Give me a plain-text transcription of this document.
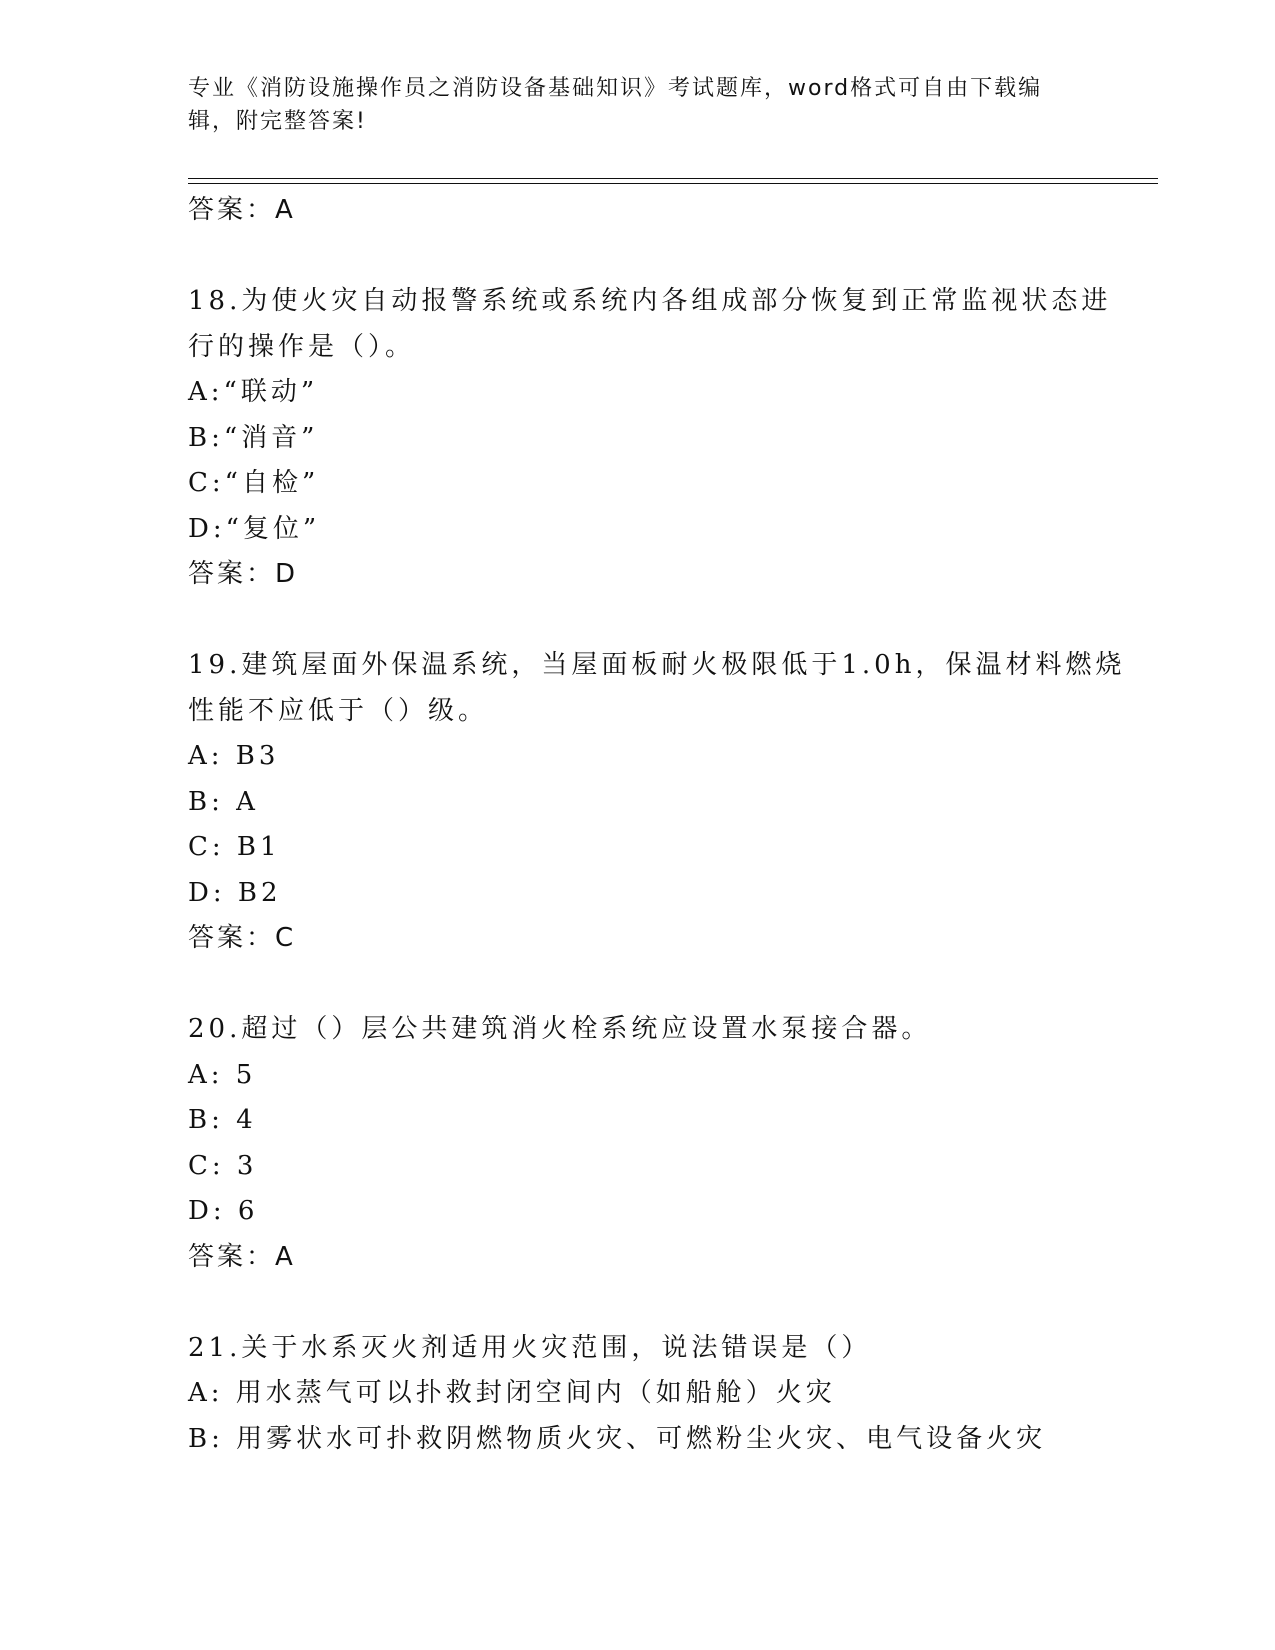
专业《消防设施操作员之消防设备基础知识》考试题库，word格式可自由下载编辑，附完整答案!
答案：A
18.为使火灾自动报警系统或系统内各组成部分恢复到正常监视状态进
行的操作是（）。
A:“联动”
B:“消音”
C:“自检”
D:“复位”
答案：D
19.建筑屋面外保温系统，当屋面板耐火极限低于1.0h，保温材料燃烧
性能不应低于（）级。
A: B3
B: A
C: B1
D: B2
答案：C
20.超过（）层公共建筑消火栓系统应设置水泵接合器。
A: 5
B: 4
C: 3
D: 6
答案：A
21.关于水系灭火剂适用火灾范围，说法错误是（）
A: 用水蒸气可以扑救封闭空间内（如船舱）火灾
B: 用雾状水可扑救阴燃物质火灾、可燃粉尘火灾、电气设备火灾
